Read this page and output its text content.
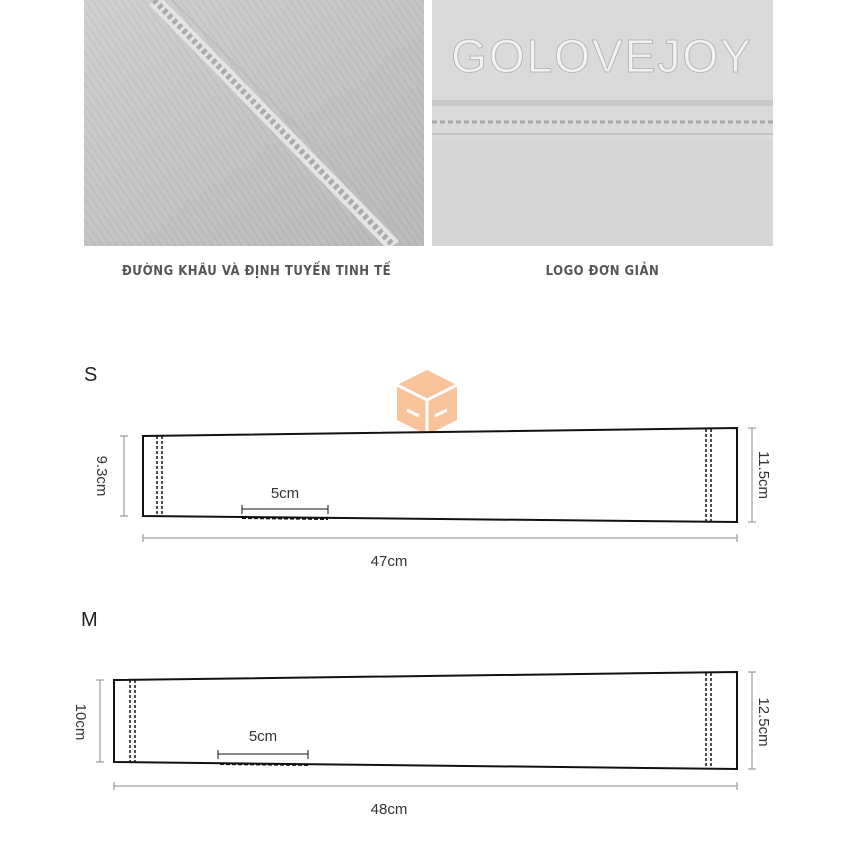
GOLOVEJOY
ĐƯỜNG KHÂU VÀ ĐỊNH TUYẾN TINH TẾ	LOGO ĐƠN GIẢN
S
5cm
9.3cm	11.5cm
47cm
M
5cm
10cm	12.5cm
48cm
